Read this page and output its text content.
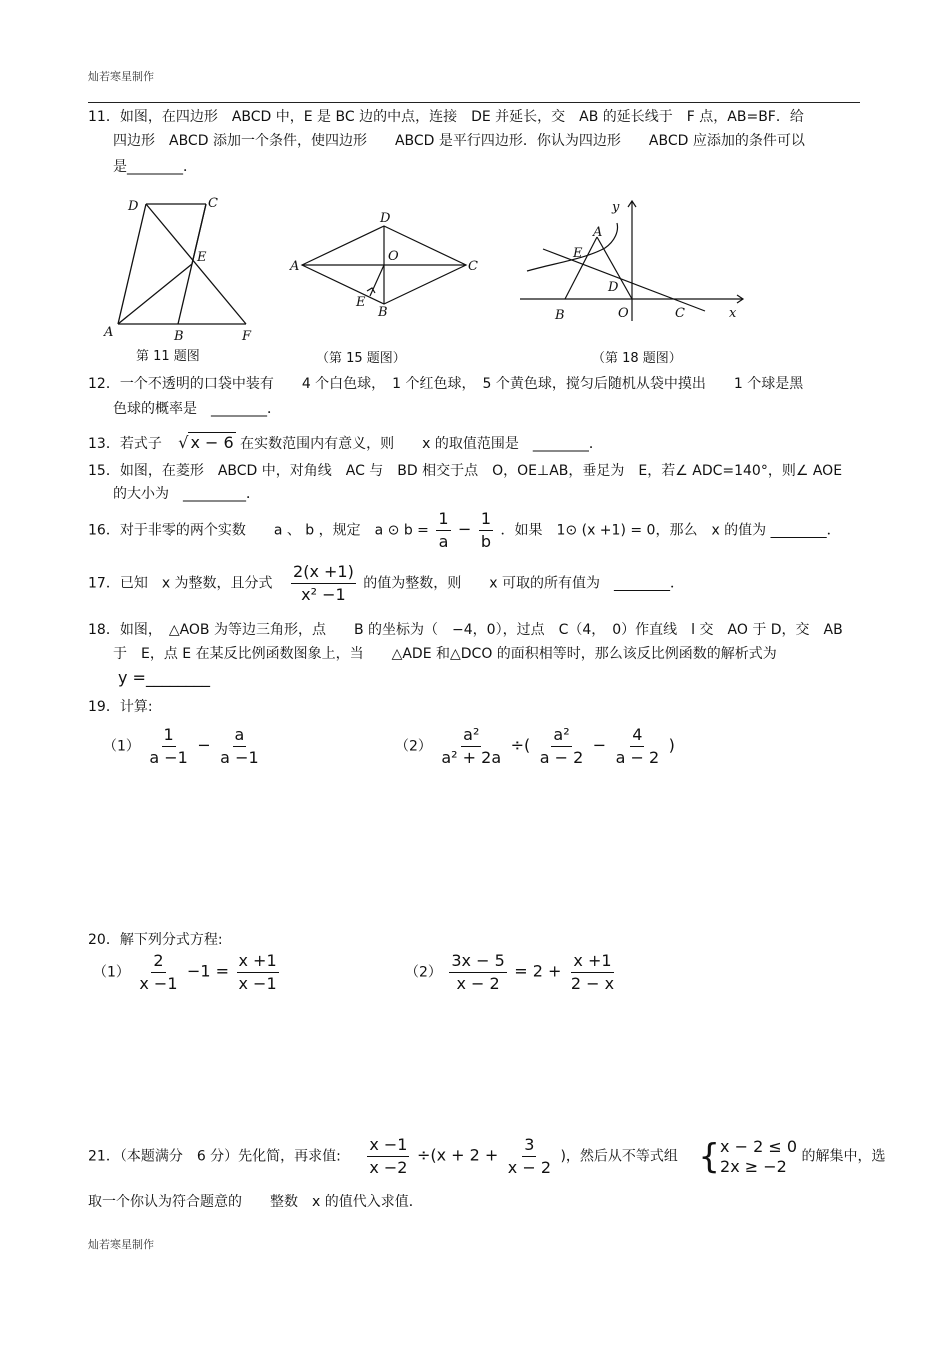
灿若寒星制作
11．如图，在四边形　ABCD 中，E 是 BC 边的中点，连接　DE 并延长，交　AB 的延长线于　F 点，AB=BF．给
四边形　ABCD 添加一个条件，使四边形　　ABCD 是平行四边形．你认为四边形　　ABCD 应添加的条件可以
是________．
D	C
E
A	B	F
第 11 题图
D
A	C
O
E
B
（第 15 题图）
y
x
A
E
D
B	O	C
（第 18 题图）
12．一个不透明的口袋中装有　　4 个白色球，　1 个红色球，　5 个黄色球，搅匀后随机从袋中摸出　　1 个球是黑
色球的概率是　________．
13．若式子 √ x − 6 在实数范围内有意义，则　　x 的取值范围是　________．
15．如图，在菱形　ABCD 中，对角线　AC 与　BD 相交于点　O，OE⊥AB，垂足为　E，若∠ ADC=140°，则∠ AOE
的大小为　_________．
16．对于非零的两个实数　　a 、 b ，规定　a ⊙ $b = \frac{1}{a} - \frac{1}{b}$ ．如果　1⊙ (x +1) = 0，那么　x 的值为 ________．
17．已知　x 为整数，且分式 $\frac{2(x +1)}{\text{x² −1}}$ 的值为整数，则　　x 可取的所有值为　________．
18．如图，　△AOB 为等边三角形，点　　B 的坐标为（　−4，0），过点　C（4，　0）作直线　l 交　AO 于 D，交　AB
于　E，点 E 在某反比例函数图象上，当　　△ADE 和△DCO 的面积相等时，那么该反比例函数的解析式为
y =________
19．计算:
$(1) \frac{1}{a -1} - \frac{a}{a -1}$	$(2) \frac{\text{a²}}{\text{a² + 2a}}$ ÷( $\frac{\text{a²}}{a - 2} - \frac{4}{a - 2}$ )
20．解下列分式方程:
$(1) \frac{2}{x -1} -1 = \frac{x +1}{x -1}$	$(2) \frac{3x - 5}{x - 2} = 2 + \frac{x +1}{2 - x}$
21．（本题满分　6 分）先化简，再求值: $\frac{x -1}{x -2} \div(x + 2 + \frac{3}{x - 2}$ )，然后从不等式组 { x − 2 ≤ 0
2x ≥ −2	的解集中，选
取一个你认为符合题意的　　整数　x 的值代入求值．
灿若寒星制作
